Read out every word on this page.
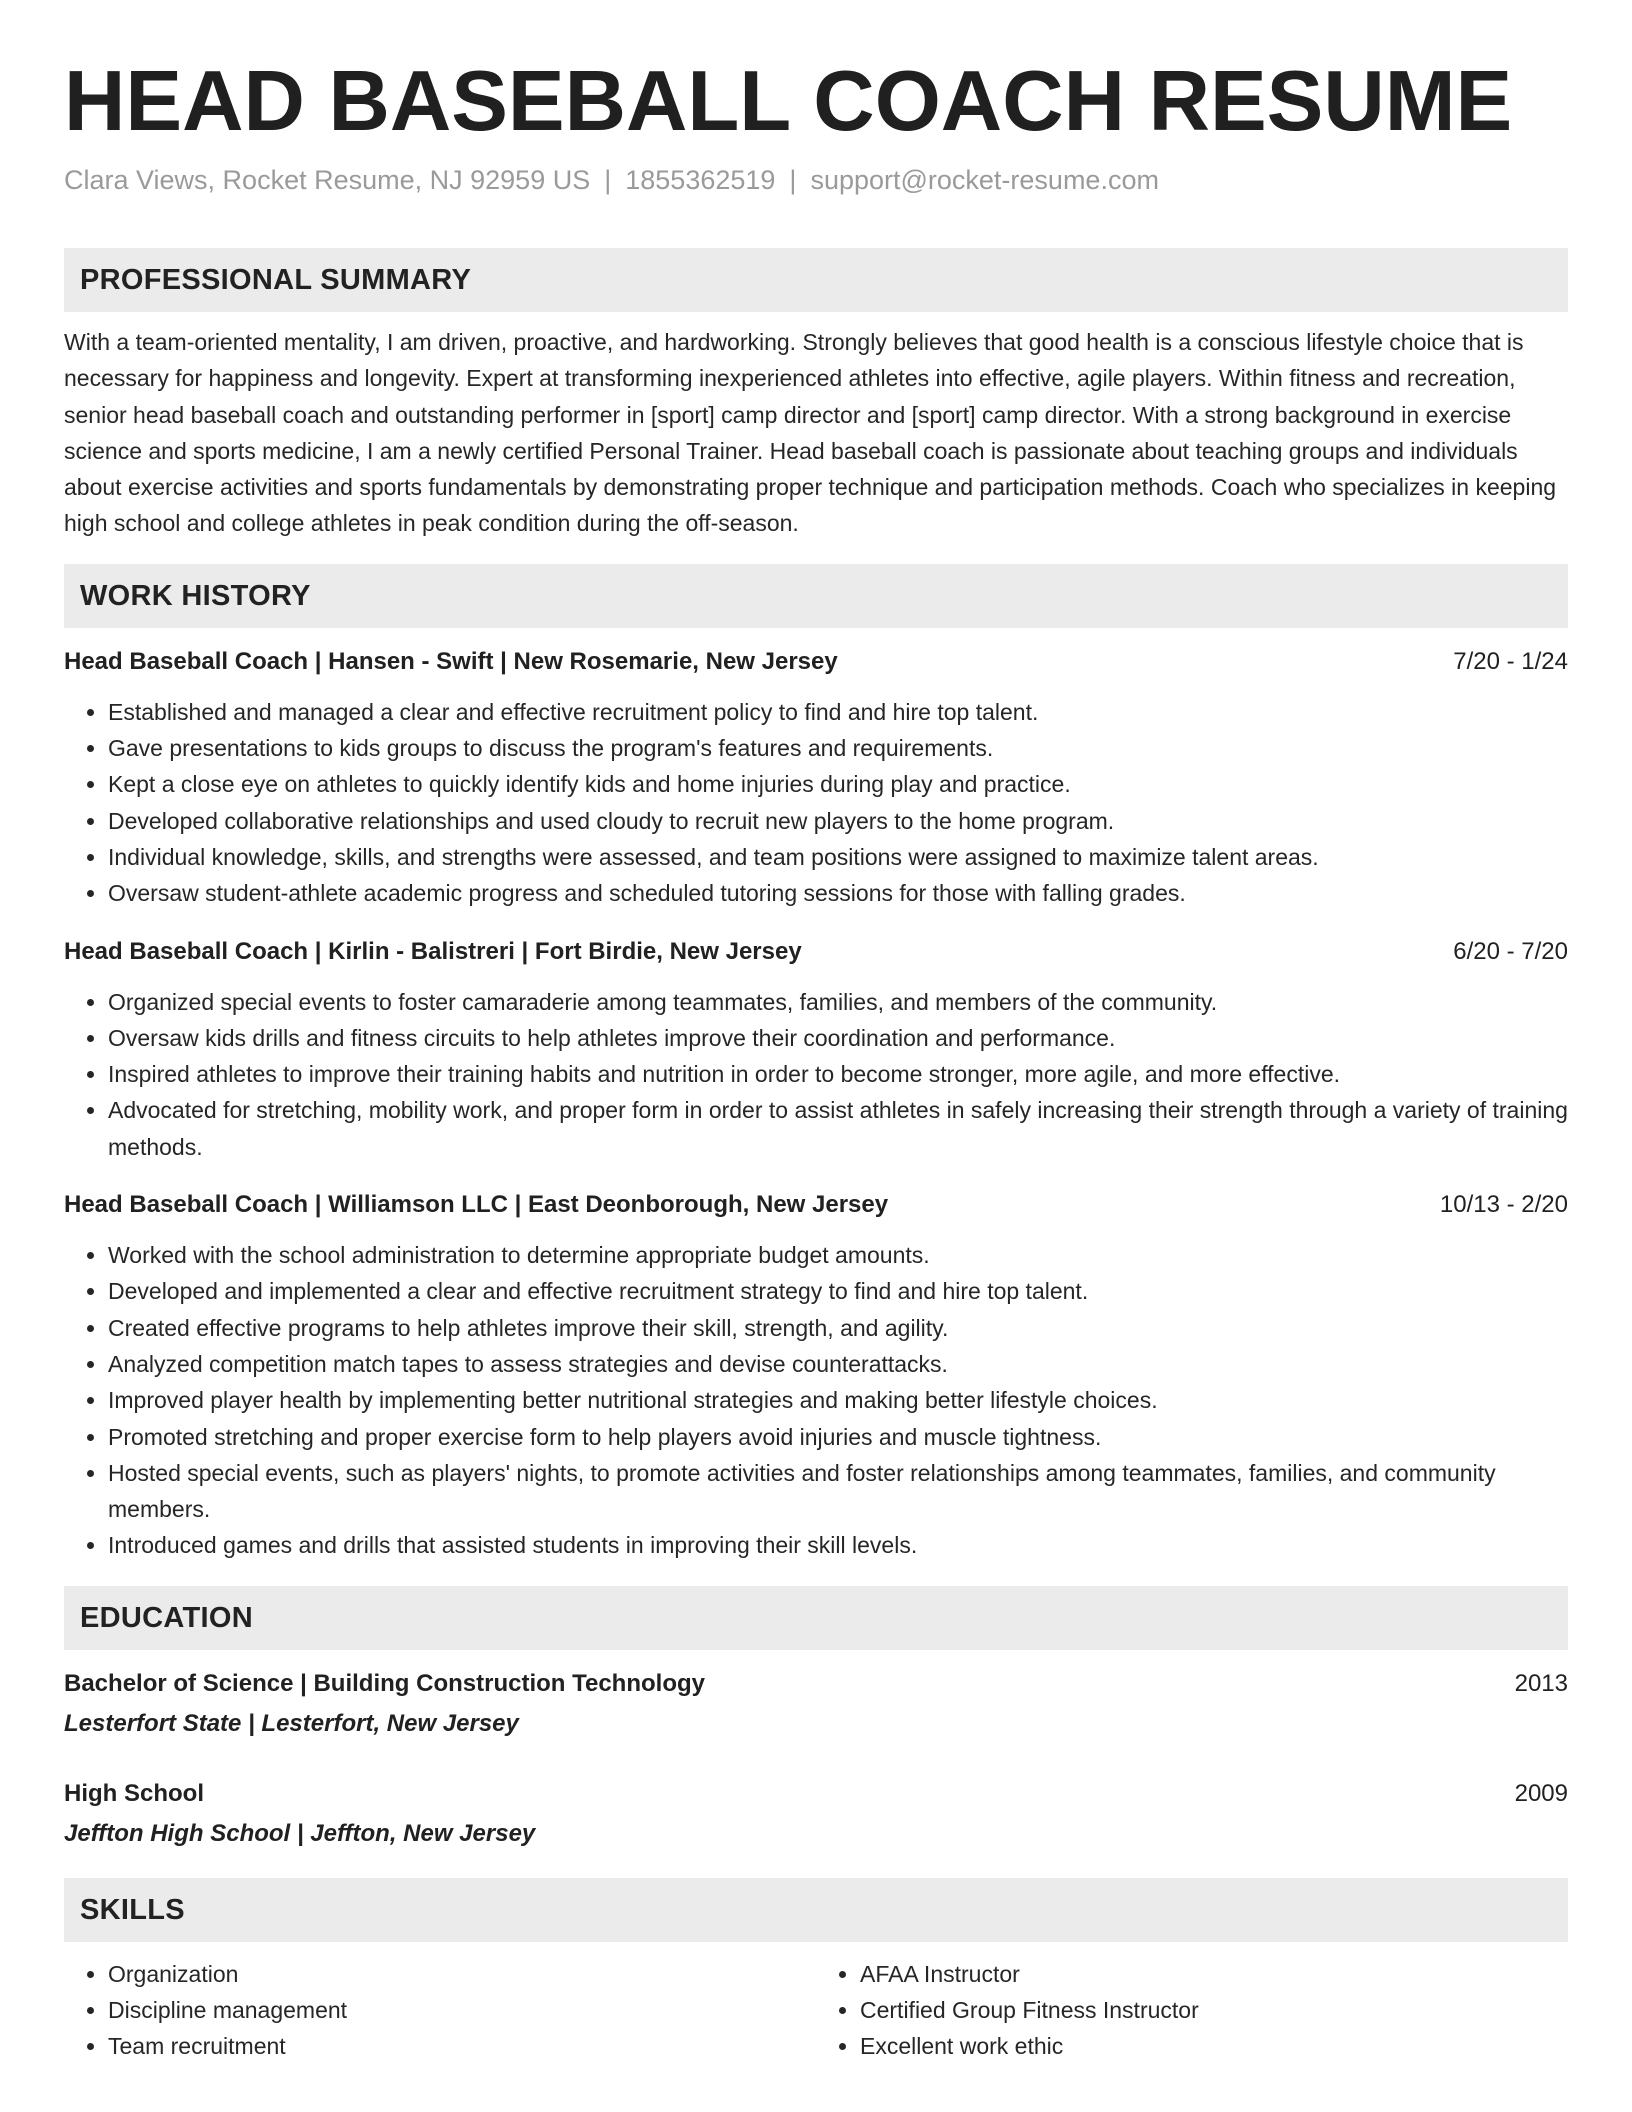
HEAD BASEBALL COACH RESUME
Clara Views, Rocket Resume, NJ 92959 US | 1855362519 | support@rocket-resume.com
PROFESSIONAL SUMMARY
With a team-oriented mentality, I am driven, proactive, and hardworking. Strongly believes that good health is a conscious lifestyle choice that is necessary for happiness and longevity. Expert at transforming inexperienced athletes into effective, agile players. Within fitness and recreation, senior head baseball coach and outstanding performer in [sport] camp director and [sport] camp director. With a strong background in exercise science and sports medicine, I am a newly certified Personal Trainer. Head baseball coach is passionate about teaching groups and individuals about exercise activities and sports fundamentals by demonstrating proper technique and participation methods. Coach who specializes in keeping high school and college athletes in peak condition during the off-season.
WORK HISTORY
Head Baseball Coach | Hansen - Swift | New Rosemarie, New Jersey	7/20 - 1/24
• Established and managed a clear and effective recruitment policy to find and hire top talent.
• Gave presentations to kids groups to discuss the program's features and requirements.
• Kept a close eye on athletes to quickly identify kids and home injuries during play and practice.
• Developed collaborative relationships and used cloudy to recruit new players to the home program.
• Individual knowledge, skills, and strengths were assessed, and team positions were assigned to maximize talent areas.
• Oversaw student-athlete academic progress and scheduled tutoring sessions for those with falling grades.
Head Baseball Coach | Kirlin - Balistreri | Fort Birdie, New Jersey	6/20 - 7/20
• Organized special events to foster camaraderie among teammates, families, and members of the community.
• Oversaw kids drills and fitness circuits to help athletes improve their coordination and performance.
• Inspired athletes to improve their training habits and nutrition in order to become stronger, more agile, and more effective.
• Advocated for stretching, mobility work, and proper form in order to assist athletes in safely increasing their strength through a variety of training methods.
Head Baseball Coach | Williamson LLC | East Deonborough, New Jersey	10/13 - 2/20
• Worked with the school administration to determine appropriate budget amounts.
• Developed and implemented a clear and effective recruitment strategy to find and hire top talent.
• Created effective programs to help athletes improve their skill, strength, and agility.
• Analyzed competition match tapes to assess strategies and devise counterattacks.
• Improved player health by implementing better nutritional strategies and making better lifestyle choices.
• Promoted stretching and proper exercise form to help players avoid injuries and muscle tightness.
• Hosted special events, such as players' nights, to promote activities and foster relationships among teammates, families, and community members.
• Introduced games and drills that assisted students in improving their skill levels.
EDUCATION
Bachelor of Science | Building Construction Technology	2013
Lesterfort State | Lesterfort, New Jersey
High School	2009
Jeffton High School | Jeffton, New Jersey
SKILLS
• Organization
• Discipline management
• Team recruitment
• AFAA Instructor
• Certified Group Fitness Instructor
• Excellent work ethic
